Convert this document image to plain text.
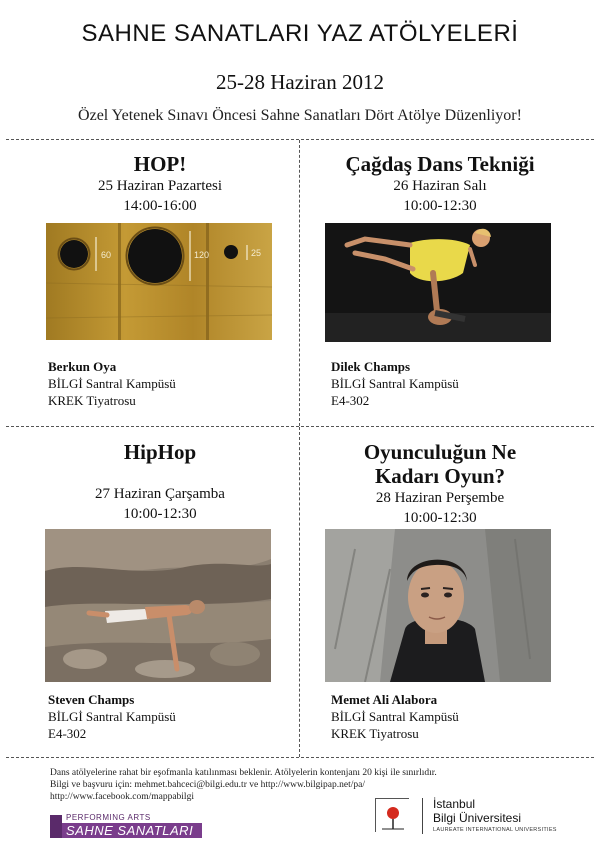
SAHNE SANATLARI YAZ ATÖLYELERİ
25-28 Haziran 2012
Özel Yetenek Sınavı Öncesi Sahne Sanatları Dört Atölye Düzenliyor!
HOP!
25 Haziran Pazartesi
14:00-16:00
60	120	25
Berkun Oya
BİLGİ Santral Kampüsü
KREK Tiyatrosu
Çağdaş Dans Tekniği
26 Haziran Salı
10:00-12:30
Dilek Champs
BİLGİ Santral Kampüsü
E4-302
HipHop
27 Haziran Çarşamba
10:00-12:30
Steven Champs
BİLGİ Santral Kampüsü
E4-302
Oyunculuğun Ne
Kadarı Oyun?
28 Haziran Perşembe
10:00-12:30
Memet Ali Alabora
BİLGİ Santral Kampüsü
KREK Tiyatrosu
Dans atölyelerine rahat bir eşofmanla katılınması beklenir. Atölyelerin kontenjanı 20 kişi ile sınırlıdır.
Bilgi ve başvuru için: mehmet.bahceci@bilgi.edu.tr ve http://www.bilgipap.net/pa/
http://www.facebook.com/mappabilgi
PERFORMING ARTS
SAHNE SANATLARI
İstanbul
Bilgi Üniversitesi
LAUREATE INTERNATIONAL UNIVERSITIES
